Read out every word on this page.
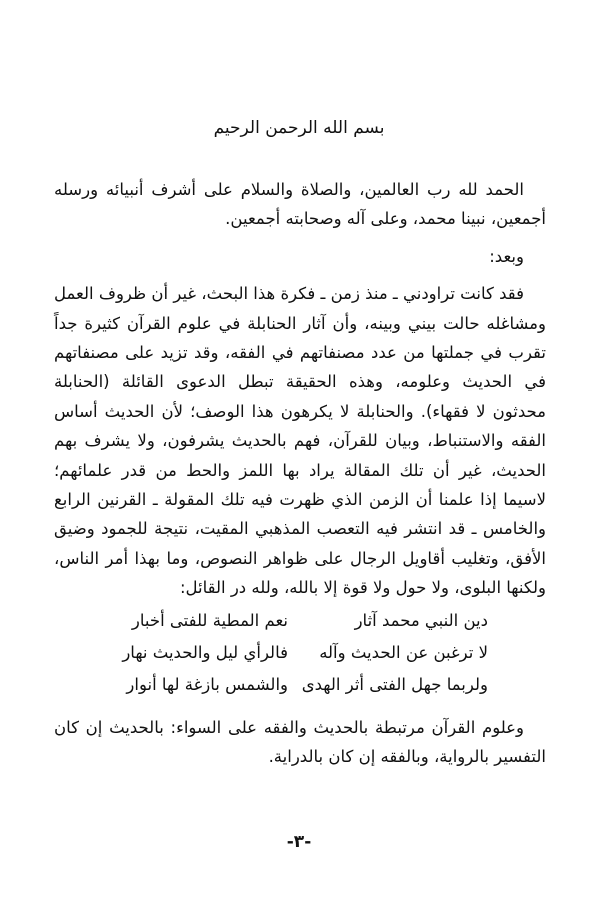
بسم الله الرحمن الرحيم

الحمد لله رب العالمين، والصلاة والسلام على أشرف أنبيائه ورسله أجمعين، نبينا محمد، وعلى آله وصحابته أجمعين.

وبعد:

فقد كانت تراودني ـ منذ زمن ـ فكرة هذا البحث، غير أن ظروف العمل ومشاغله حالت بيني وبينه، وأن آثار الحنابلة في علوم القرآن كثيرة جداً تقرب في جملتها من عدد مصنفاتهم في الفقه، وقد تزيد على مصنفاتهم في الحديث وعلومه، وهذه الحقيقة تبطل الدعوى القائلة (الحنابلة محدثون لا فقهاء). والحنابلة لا يكرهون هذا الوصف؛ لأن الحديث أساس الفقه والاستنباط، وبيان للقرآن، فهم بالحديث يشرفون، ولا يشرف بهم الحديث، غير أن تلك المقالة يراد بها اللمز والحط من قدر علمائهم؛ لاسيما إذا علمنا أن الزمن الذي ظهرت فيه تلك المقولة ـ القرنين الرابع والخامس ـ قد انتشر فيه التعصب المذهبي المقيت، نتيجة للجمود وضيق الأفق، وتغليب أقاويل الرجال على ظواهر النصوص، وما بهذا أمر الناس، ولكنها البلوى، ولا حول ولا قوة إلا بالله، ولله در القائل:

دين النبي محمد آثار
نعم المطية للفتى أخبار
لا ترغبن عن الحديث وآله
فالرأي ليل والحديث نهار
ولربما جهل الفتى أثر الهدى
والشمس بازغة لها أنوار

وعلوم القرآن مرتبطة بالحديث والفقه على السواء: بالحديث إن كان التفسير بالرواية، وبالفقه إن كان بالدراية.

-٣-
